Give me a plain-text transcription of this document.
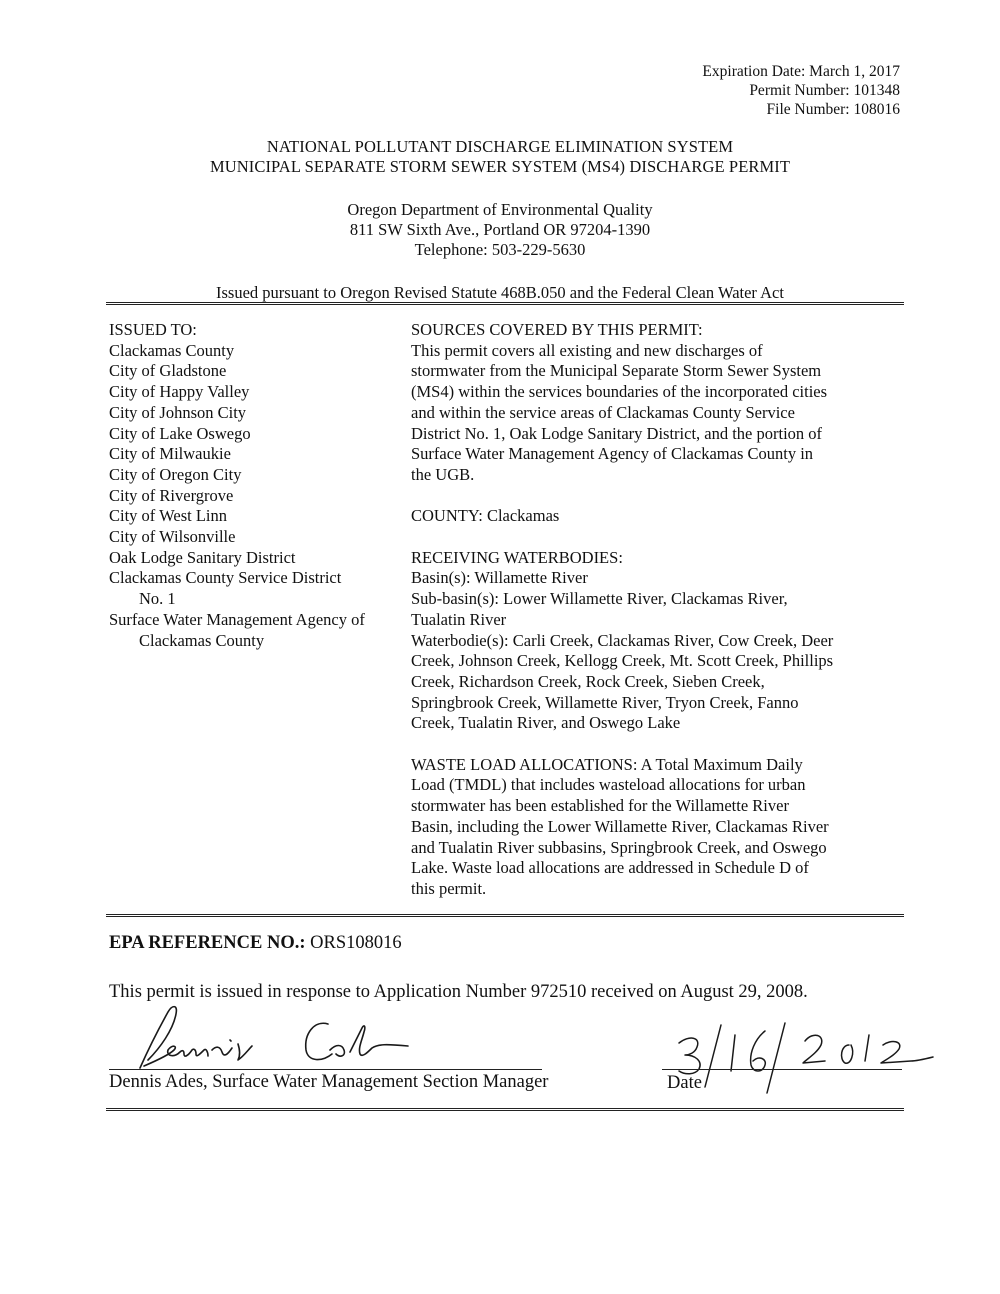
Expiration Date: March 1, 2017
Permit Number: 101348
File Number: 108016
NATIONAL POLLUTANT DISCHARGE ELIMINATION SYSTEM
MUNICIPAL SEPARATE STORM SEWER SYSTEM (MS4) DISCHARGE PERMIT
Oregon Department of Environmental Quality
811 SW Sixth Ave., Portland OR 97204-1390
Telephone: 503-229-5630
Issued pursuant to Oregon Revised Statute 468B.050 and the Federal Clean Water Act
ISSUED TO:
Clackamas County
City of Gladstone
City of Happy Valley
City of Johnson City
City of Lake Oswego
City of Milwaukie
City of Oregon City
City of Rivergrove
City of West Linn
City of Wilsonville
Oak Lodge Sanitary District
Clackamas County Service District
No. 1
Surface Water Management Agency of
Clackamas County
SOURCES COVERED BY THIS PERMIT:
This permit covers all existing and new discharges of
stormwater from the Municipal Separate Storm Sewer System
(MS4) within the services boundaries of the incorporated cities
and within the service areas of Clackamas County Service
District No. 1, Oak Lodge Sanitary District, and the portion of
Surface Water Management Agency of Clackamas County in
the UGB.
COUNTY: Clackamas
RECEIVING WATERBODIES:
Basin(s): Willamette River
Sub-basin(s): Lower Willamette River, Clackamas River,
Tualatin River
Waterbodie(s): Carli Creek, Clackamas River, Cow Creek, Deer
Creek, Johnson Creek, Kellogg Creek, Mt. Scott Creek, Phillips
Creek, Richardson Creek, Rock Creek, Sieben Creek,
Springbrook Creek, Willamette River, Tryon Creek, Fanno
Creek, Tualatin River, and Oswego Lake
WASTE LOAD ALLOCATIONS: A Total Maximum Daily
Load (TMDL) that includes wasteload allocations for urban
stormwater has been established for the Willamette River
Basin, including the Lower Willamette River, Clackamas River
and Tualatin River subbasins, Springbrook Creek, and Oswego
Lake. Waste load allocations are addressed in Schedule D of
this permit.
EPA REFERENCE NO.: ORS108016
This permit is issued in response to Application Number 972510 received on August 29, 2008.
Dennis Ades, Surface Water Management Section Manager	Date
